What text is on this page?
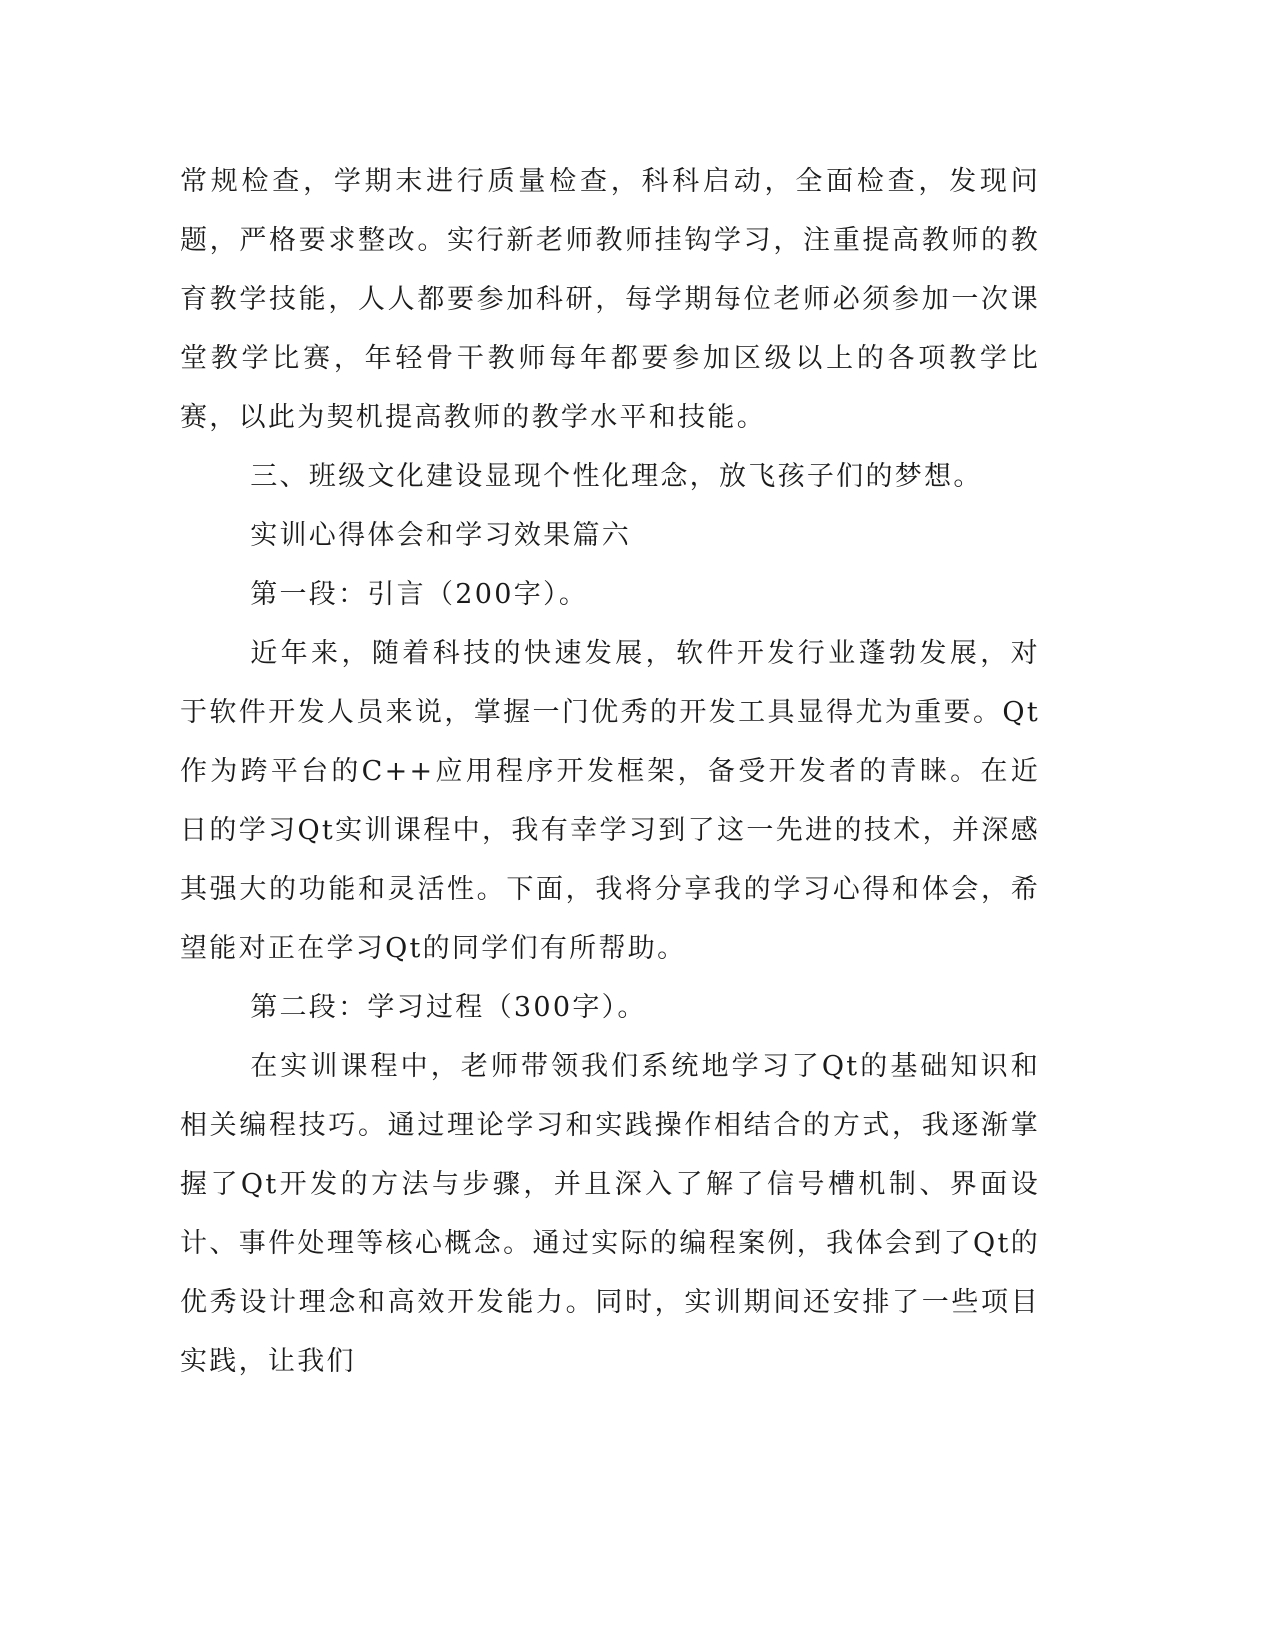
常规检查，学期末进行质量检查，科科启动，全面检查，发现问题，严格要求整改。实行新老师教师挂钩学习，注重提高教师的教育教学技能，人人都要参加科研，每学期每位老师必须参加一次课堂教学比赛，年轻骨干教师每年都要参加区级以上的各项教学比赛，以此为契机提高教师的教学水平和技能。

三、班级文化建设显现个性化理念，放飞孩子们的梦想。

实训心得体会和学习效果篇六

第一段：引言（200字）。

近年来，随着科技的快速发展，软件开发行业蓬勃发展，对于软件开发人员来说，掌握一门优秀的开发工具显得尤为重要。Qt作为跨平台的C++应用程序开发框架，备受开发者的青睐。在近日的学习Qt实训课程中，我有幸学习到了这一先进的技术，并深感其强大的功能和灵活性。下面，我将分享我的学习心得和体会，希望能对正在学习Qt的同学们有所帮助。

第二段：学习过程（300字）。

在实训课程中，老师带领我们系统地学习了Qt的基础知识和相关编程技巧。通过理论学习和实践操作相结合的方式，我逐渐掌握了Qt开发的方法与步骤，并且深入了解了信号槽机制、界面设计、事件处理等核心概念。通过实际的编程案例，我体会到了Qt的优秀设计理念和高效开发能力。同时，实训期间还安排了一些项目实践，让我们
